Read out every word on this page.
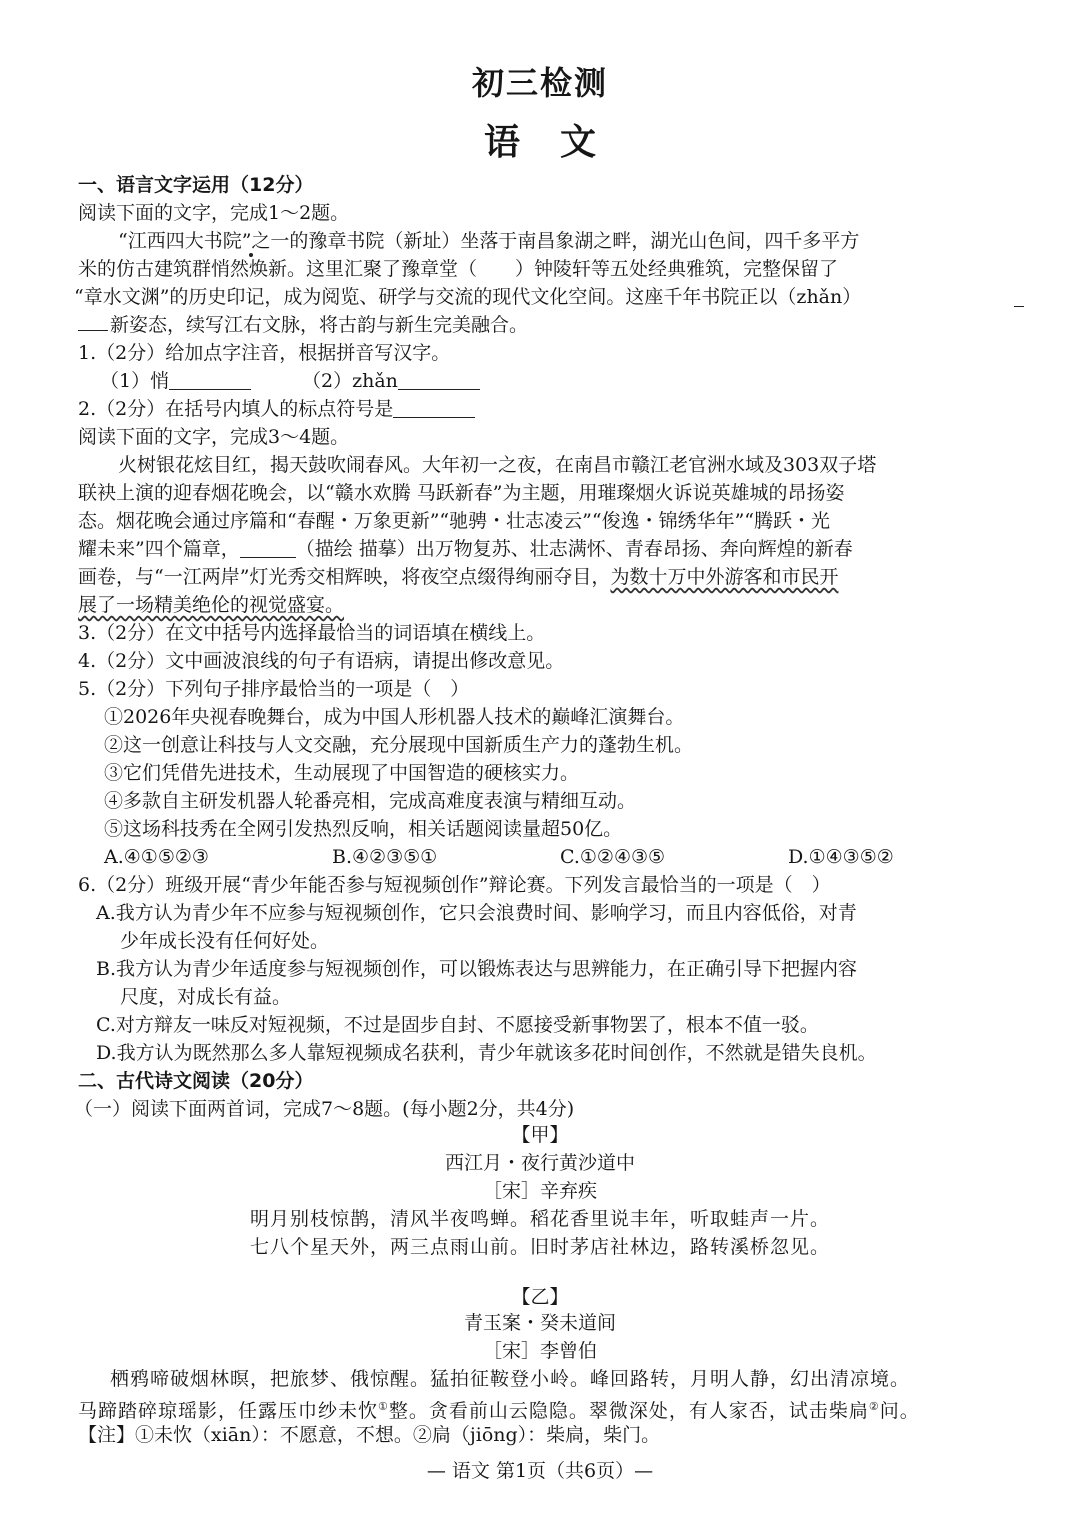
初三检测
语文
一、语言文字运用（12分）
阅读下面的文字，完成1～2题。
“江西四大书院”之一的豫章书院（新址）坐落于南昌象湖之畔，湖光山色间，四千多平方
米的仿古建筑群悄然焕新。这里汇聚了豫章堂（　　）钟陵轩等五处经典雅筑，完整保留了
“章水文渊”的历史印记，成为阅览、研学与交流的现代文化空间。这座千年书院正以（zhǎn）
新姿态，续写江右文脉，将古韵与新生完美融合。
1.（2分）给加点字注音，根据拼音写汉字。
（1）悄	（2）zhǎn
2.（2分）在括号内填人的标点符号是
阅读下面的文字，完成3～4题。
火树银花炫目红，揭天鼓吹闹春风。大年初一之夜，在南昌市赣江老官洲水域及303双子塔
联袂上演的迎春烟花晚会，以“赣水欢腾 马跃新春”为主题，用璀璨烟火诉说英雄城的昂扬姿
态。烟花晚会通过序篇和“春醒・万象更新”“驰骋・壮志凌云”“俊逸・锦绣华年”“腾跃・光
耀未来”四个篇章，	（描绘 描摹）出万物复苏、壮志满怀、青春昂扬、奔向辉煌的新春
画卷，与“一江两岸”灯光秀交相辉映，将夜空点缀得绚丽夺目，为数十万中外游客和市民开
展了一场精美绝伦的视觉盛宴。
3.（2分）在文中括号内选择最恰当的词语填在横线上。
4.（2分）文中画波浪线的句子有语病，请提出修改意见。
5.（2分）下列句子排序最恰当的一项是（　）
①2026年央视春晚舞台，成为中国人形机器人技术的巅峰汇演舞台。
②这一创意让科技与人文交融，充分展现中国新质生产力的蓬勃生机。
③它们凭借先进技术，生动展现了中国智造的硬核实力。
④多款自主研发机器人轮番亮相，完成高难度表演与精细互动。
⑤这场科技秀在全网引发热烈反响，相关话题阅读量超50亿。
A.④①⑤②③	B.④②③⑤①	C.①②④③⑤	D.①④③⑤②
6.（2分）班级开展“青少年能否参与短视频创作”辩论赛。下列发言最恰当的一项是（　）
A.我方认为青少年不应参与短视频创作，它只会浪费时间、影响学习，而且内容低俗，对青
少年成长没有任何好处。
B.我方认为青少年适度参与短视频创作，可以锻炼表达与思辨能力，在正确引导下把握内容
尺度，对成长有益。
C.对方辩友一味反对短视频，不过是固步自封、不愿接受新事物罢了，根本不值一驳。
D.我方认为既然那么多人靠短视频成名获利，青少年就该多花时间创作，不然就是错失良机。
二、古代诗文阅读（20分）
（一）阅读下面两首词，完成7～8题。(每小题2分，共4分)
【甲】
西江月・夜行黄沙道中
［宋］辛弃疾
明月别枝惊鹊，清风半夜鸣蝉。稻花香里说丰年，听取蛙声一片。
七八个星天外，两三点雨山前。旧时茅店社林边，路转溪桥忽见。
【乙】
青玉案・癸未道间
［宋］李曾伯
栖鸦啼破烟林暝，把旅梦、俄惊醒。猛拍征鞍登小岭。峰回路转，月明人静，幻出清凉境。
马蹄踏碎琼瑶影，任露压巾纱未忺①整。贪看前山云隐隐。翠微深处，有人家否，试击柴扃②问。
【注】①未忺（xiān）：不愿意，不想。②扃（jiōng）：柴扃，柴门。
— 语文 第1页（共6页）—
